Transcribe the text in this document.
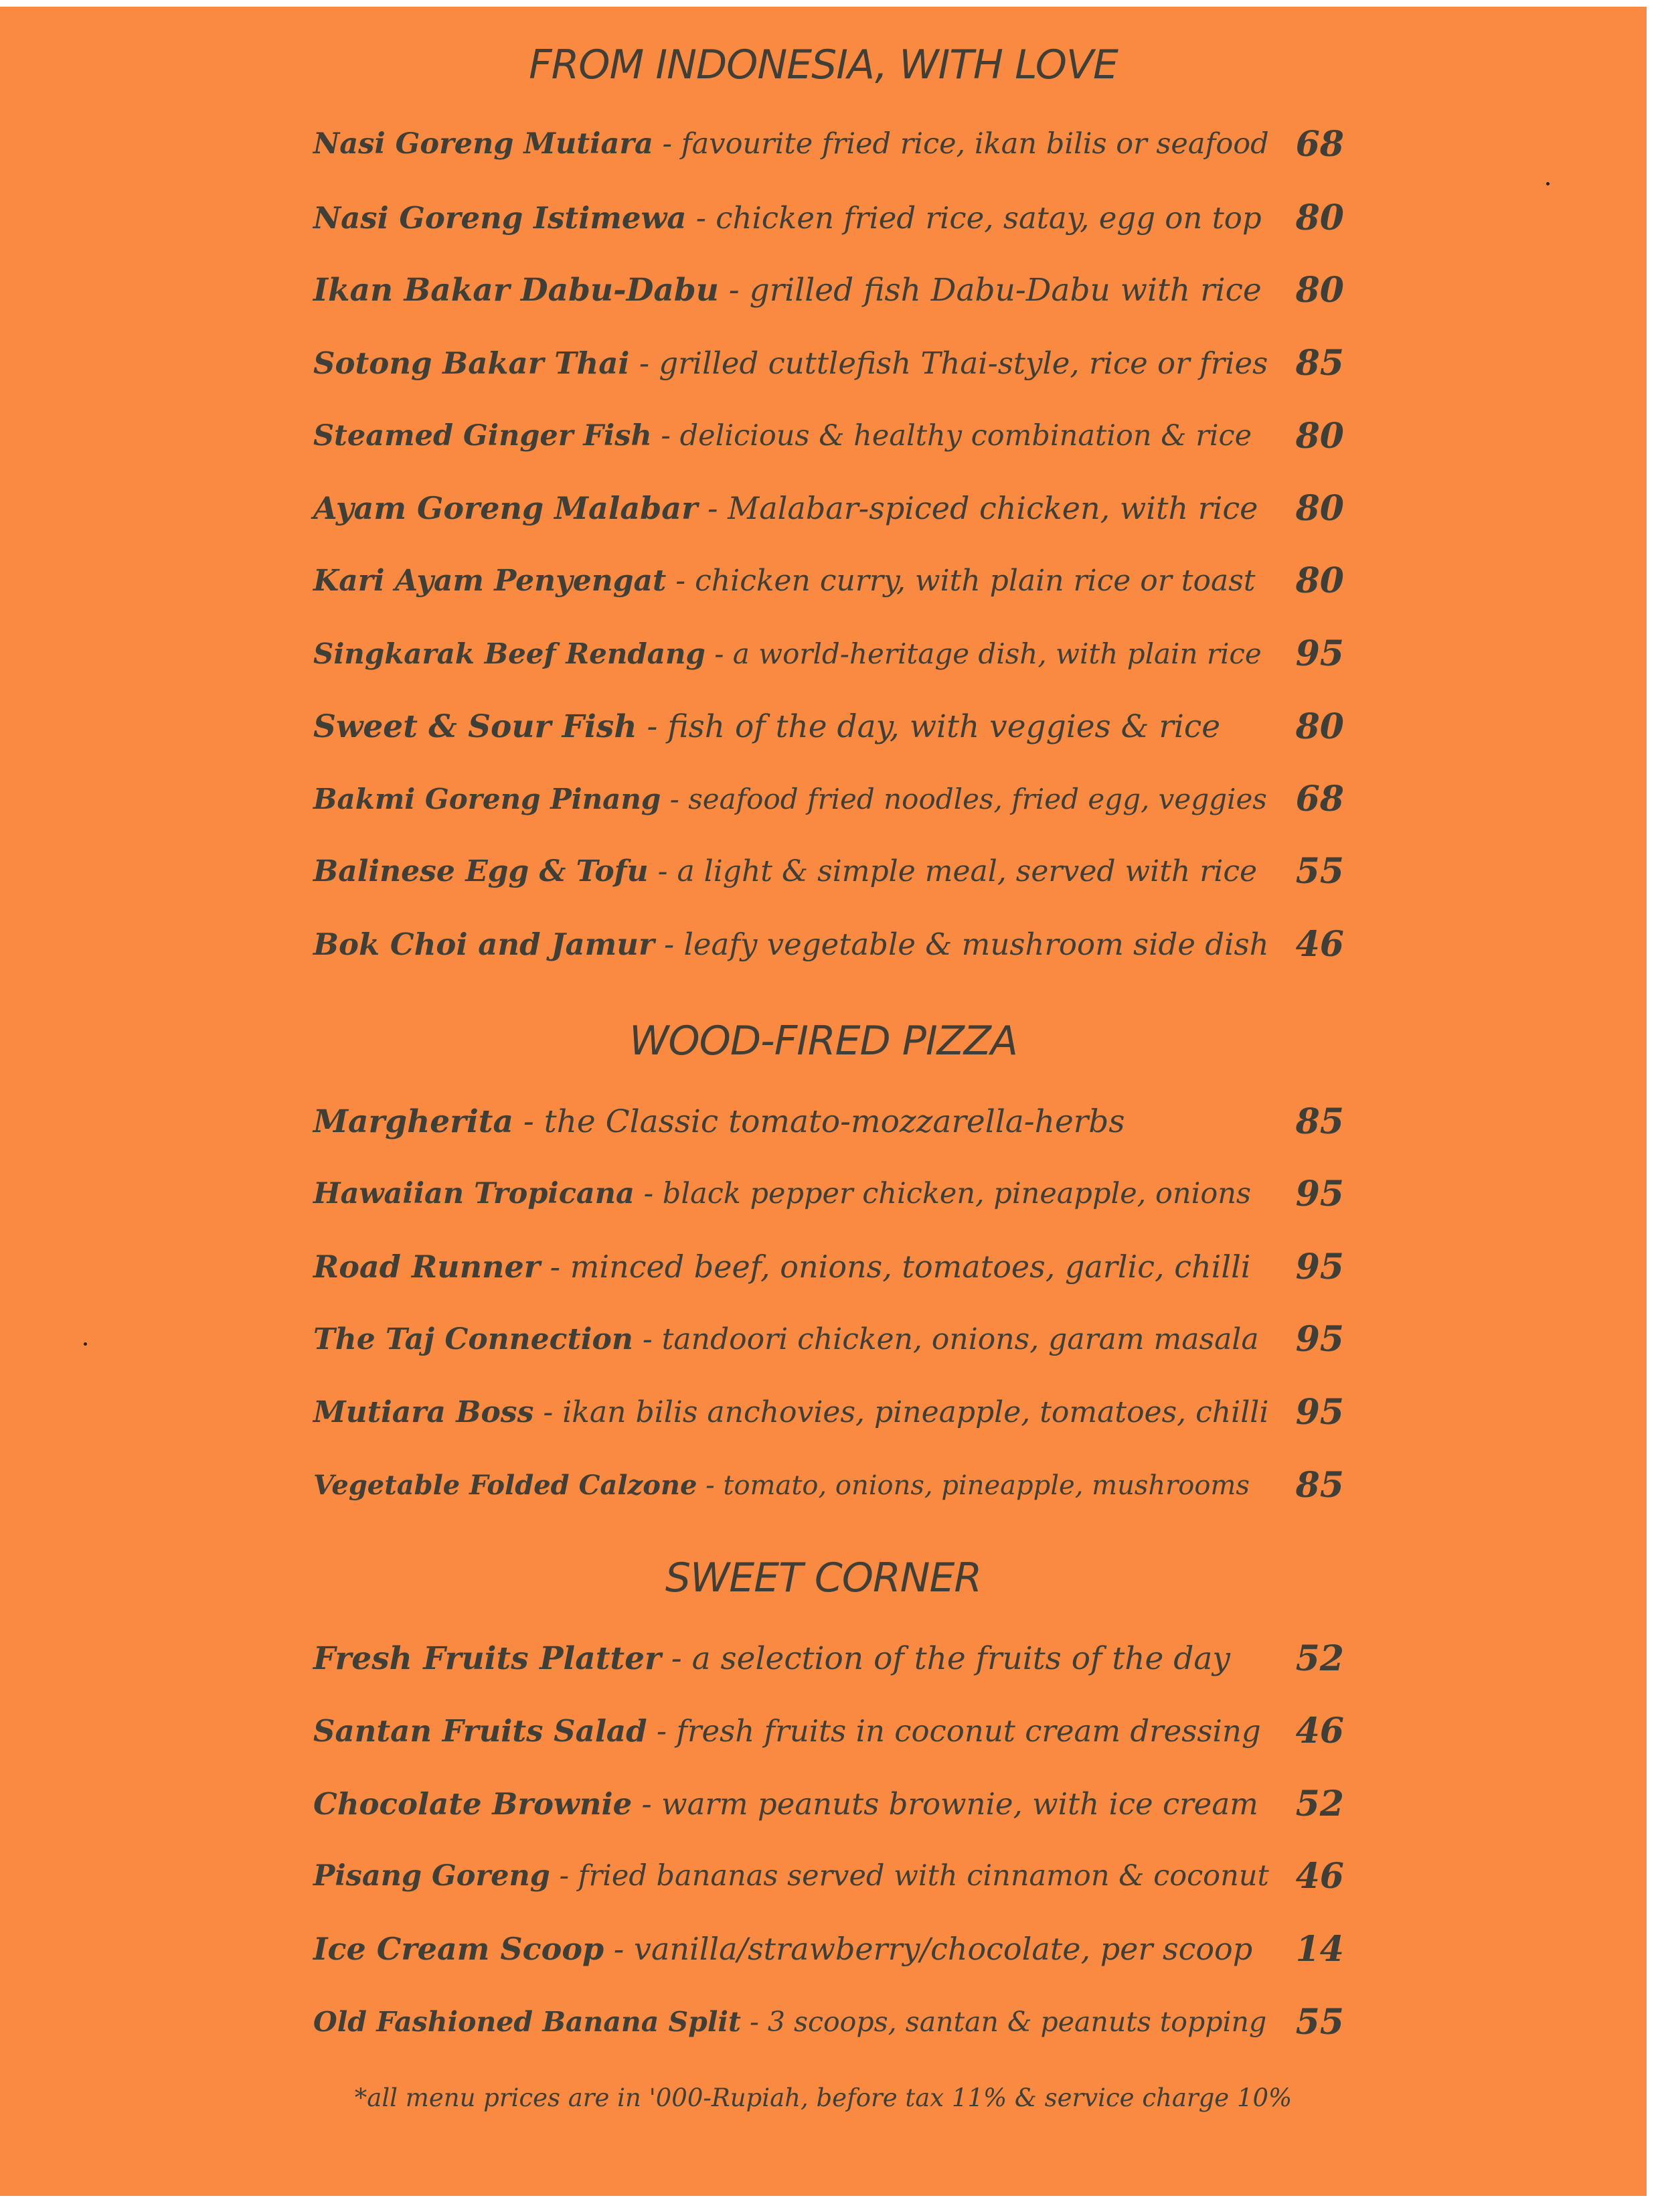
FROM INDONESIA, WITH LOVE
Nasi Goreng Mutiara - favourite fried rice, ikan bilis or seafood 68
Nasi Goreng Istimewa - chicken fried rice, satay, egg on top 80
Ikan Bakar Dabu-Dabu - grilled fish Dabu-Dabu with rice 80
Sotong Bakar Thai - grilled cuttlefish Thai-style, rice or fries 85
Steamed Ginger Fish - delicious & healthy combination & rice 80
Ayam Goreng Malabar - Malabar-spiced chicken, with rice 80
Kari Ayam Penyengat - chicken curry, with plain rice or toast 80
Singkarak Beef Rendang - a world-heritage dish, with plain rice 95
Sweet & Sour Fish - fish of the day, with veggies & rice 80
Bakmi Goreng Pinang - seafood fried noodles, fried egg, veggies 68
Balinese Egg & Tofu - a light & simple meal, served with rice 55
Bok Choi and Jamur - leafy vegetable & mushroom side dish 46
WOOD-FIRED PIZZA
Margherita - the Classic tomato-mozzarella-herbs	85
Hawaiian Tropicana - black pepper chicken, pineapple, onions 95
Road Runner - minced beef, onions, tomatoes, garlic, chilli 95
The Taj Connection - tandoori chicken, onions, garam masala 95
Mutiara Boss - ikan bilis anchovies, pineapple, tomatoes, chilli 95
Vegetable Folded Calzone - tomato, onions, pineapple, mushrooms 85
SWEET CORNER
Fresh Fruits Platter - a selection of the fruits of the day 52
Santan Fruits Salad - fresh fruits in coconut cream dressing 46
Chocolate Brownie - warm peanuts brownie, with ice cream 52
Pisang Goreng - fried bananas served with cinnamon & coconut 46
Ice Cream Scoop - vanilla/strawberry/chocolate, per scoop 14
Old Fashioned Banana Split - 3 scoops, santan & peanuts topping 55
*all menu prices are in '000-Rupiah, before tax 11% & service charge 10%
